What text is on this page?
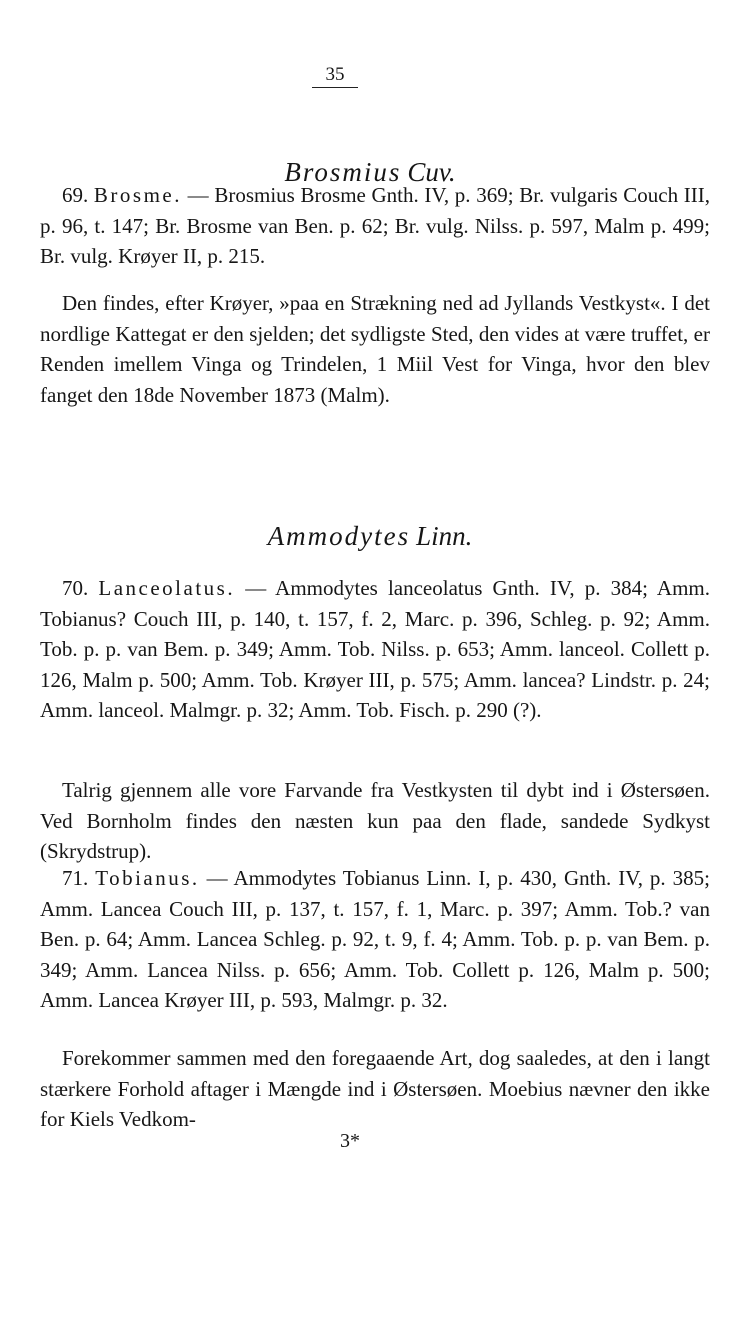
35
Brosmius Cuv.

69. Brosme. — Brosmius Brosme Gnth. IV, p. 369; Br. vulgaris Couch III, p. 96, t. 147; Br. Brosme van Ben. p. 62; Br. vulg. Nilss. p. 597, Malm p. 499; Br. vulg. Krøyer II, p. 215.

Den findes, efter Krøyer, »paa en Strækning ned ad Jyllands Vestkyst«. I det nordlige Kattegat er den sjelden; det sydligste Sted, den vides at være truffet, er Renden imellem Vinga og Trindelen, 1 Miil Vest for Vinga, hvor den blev fanget den 18de November 1873 (Malm).

Ammodytes Linn.

70. Lanceolatus. — Ammodytes lanceolatus Gnth. IV, p. 384; Amm. Tobianus? Couch III, p. 140, t. 157, f. 2, Marc. p. 396, Schleg. p. 92; Amm. Tob. p. p. van Bem. p. 349; Amm. Tob. Nilss. p. 653; Amm. lanceol. Collett p. 126, Malm p. 500; Amm. Tob. Krøyer III, p. 575; Amm. lancea? Lindstr. p. 24; Amm. lanceol. Malmgr. p. 32; Amm. Tob. Fisch. p. 290 (?).

Talrig gjennem alle vore Farvande fra Vestkysten til dybt ind i Østersøen. Ved Bornholm findes den næsten kun paa den flade, sandede Sydkyst (Skrydstrup).

71. Tobianus. — Ammodytes Tobianus Linn. I, p. 430, Gnth. IV, p. 385; Amm. Lancea Couch III, p. 137, t. 157, f. 1, Marc. p. 397; Amm. Tob.? van Ben. p. 64; Amm. Lancea Schleg. p. 92, t. 9, f. 4; Amm. Tob. p. p. van Bem. p. 349; Amm. Lancea Nilss. p. 656; Amm. Tob. Collett p. 126, Malm p. 500; Amm. Lancea Krøyer III, p. 593, Malmgr. p. 32.

Forekommer sammen med den foregaaende Art, dog saaledes, at den i langt stærkere Forhold aftager i Mængde ind i Østersøen. Moebius nævner den ikke for Kiels Vedkom-

3*
